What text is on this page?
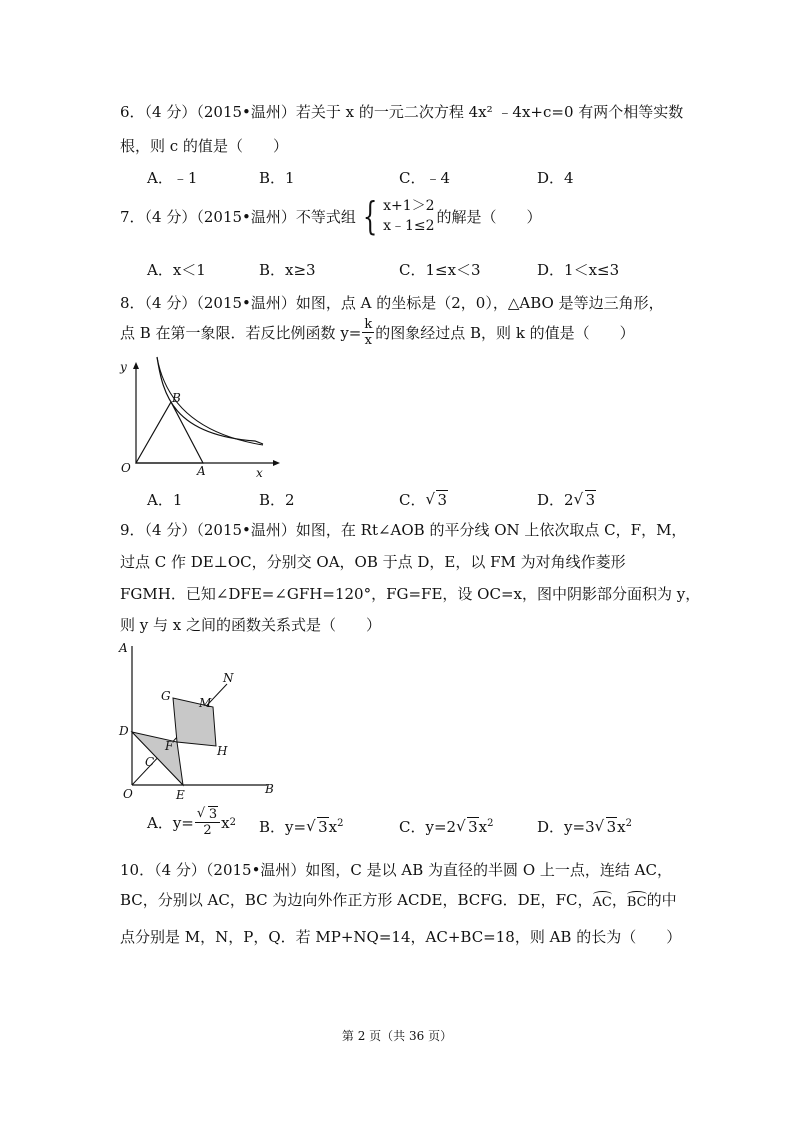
6．（4 分）（2015•温州）若关于 x 的一元二次方程 4x² ﹣4x+c=0 有两个相等实数
根，则 c 的值是（　　）
A．﹣1	B．1	C．﹣4	D．4
7．（4 分）（2015•温州）不等式组 { x+1＞2
x﹣1≤2
的解是（　　）
A．x＜1	B．x≥3	C．1≤x＜3	D．1＜x≤3
8．（4 分）（2015•温州）如图，点 A 的坐标是（2，0），△ABO 是等边三角形，
点 B 在第一象限．若反比例函数 $y= \frac{k}{x}$ 的图象经过点 B，则 k 的值是（　　）
y
x
O	A
B
A．1	B．2	C． √ 3	D．2 √ 3
9．（4 分）（2015•温州）如图，在 Rt∠AOB 的平分线 ON 上依次取点 C，F，M，
过点 C 作 DE⊥OC，分别交 OA，OB 于点 D，E，以 FM 为对角线作菱形
FGMH．已知∠DFE=∠GFH=120°，FG=FE，设 OC=x，图中阴影部分面积为 y，
则 y 与 x 之间的函数关系式是（　　）
A
N
G M
D
F	H
C
O	E	B
A．y= √ $\frac{3}{2}$ x 2 B．y= √ $3x^2$	C．y=2 √ $3x^2$	D．y=3 √ $3x^2$
10．（4 分）（2015•温州）如图，C 是以 AB 为直径的半圆 O 上一点，连结 AC，
BC，分别以 AC，BC 为边向外作正方形 ACDE，BCFG．DE，FC， AC ， BC 的中
点分别是 M，N，P，Q．若 MP+NQ=14，AC+BC=18，则 AB 的长为（　　）
第 2 页（共 36 页）
